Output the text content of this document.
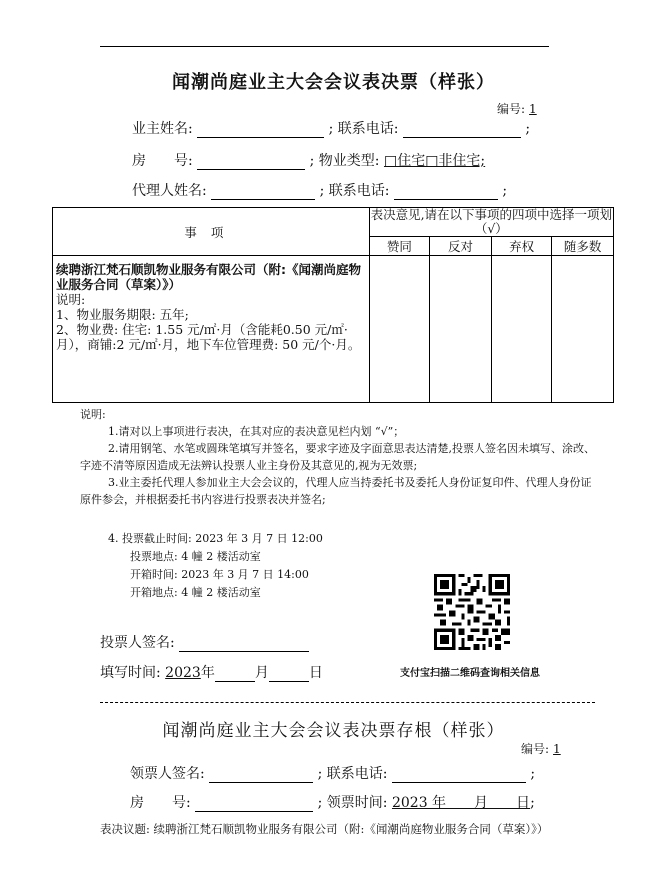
闻潮尚庭业主大会会议表决票（样张）
编号: 1
业主姓名:	; 联系电话:	;
房　　号:	; 物业类型: □住宅□非住宅;
代理人姓名:	; 联系电话:	;
事项	表决意见,请在以下事项的四项中选择一项划（√）			
	赞同	反对	弃权	随多数

续聘浙江梵石顺凯物业服务有限公司（附:《闻潮尚庭物业服务合同（草案）》）
说明:
1、物业服务期限: 五年;
2、物业费: 住宅: 1.55 元/㎡·月（含能耗0.50 元/㎡·月），商铺:2 元/㎡·月，地下车位管理费: 50 元/个·月。				

说明:

1.请对以上事项进行表决，在其对应的表决意见栏内划 “√”；

2.请用钢笔、水笔或圆珠笔填写并签名，要求字迹及字面意思表达清楚,投票人签名因未填写、涂改、字迹不清等原因造成无法辨认投票人业主身份及其意见的,视为无效票;

3.业主委托代理人参加业主大会会议的，代理人应当持委托书及委托人身份证复印件、代理人身份证原件参会，并根据委托书内容进行投票表决并签名;

4. 投票截止时间: 2023 年 3 月 7 日 12:00
投票地点: 4 幢 2 楼活动室
开箱时间: 2023 年 3 月 7 日 14:00
开箱地点: 4 幢 2 楼活动室
支付宝扫描二维码查询相关信息
投票人签名:
填写时间: 2023年	月	日
闻潮尚庭业主大会会议表决票存根（样张）
编号: 1
领票人签名:	; 联系电话:	;
房　　号:	; 领票时间: 2023 年　　月　　日;
表决议题: 续聘浙江梵石顺凯物业服务有限公司（附:《闻潮尚庭物业服务合同（草案）》）
